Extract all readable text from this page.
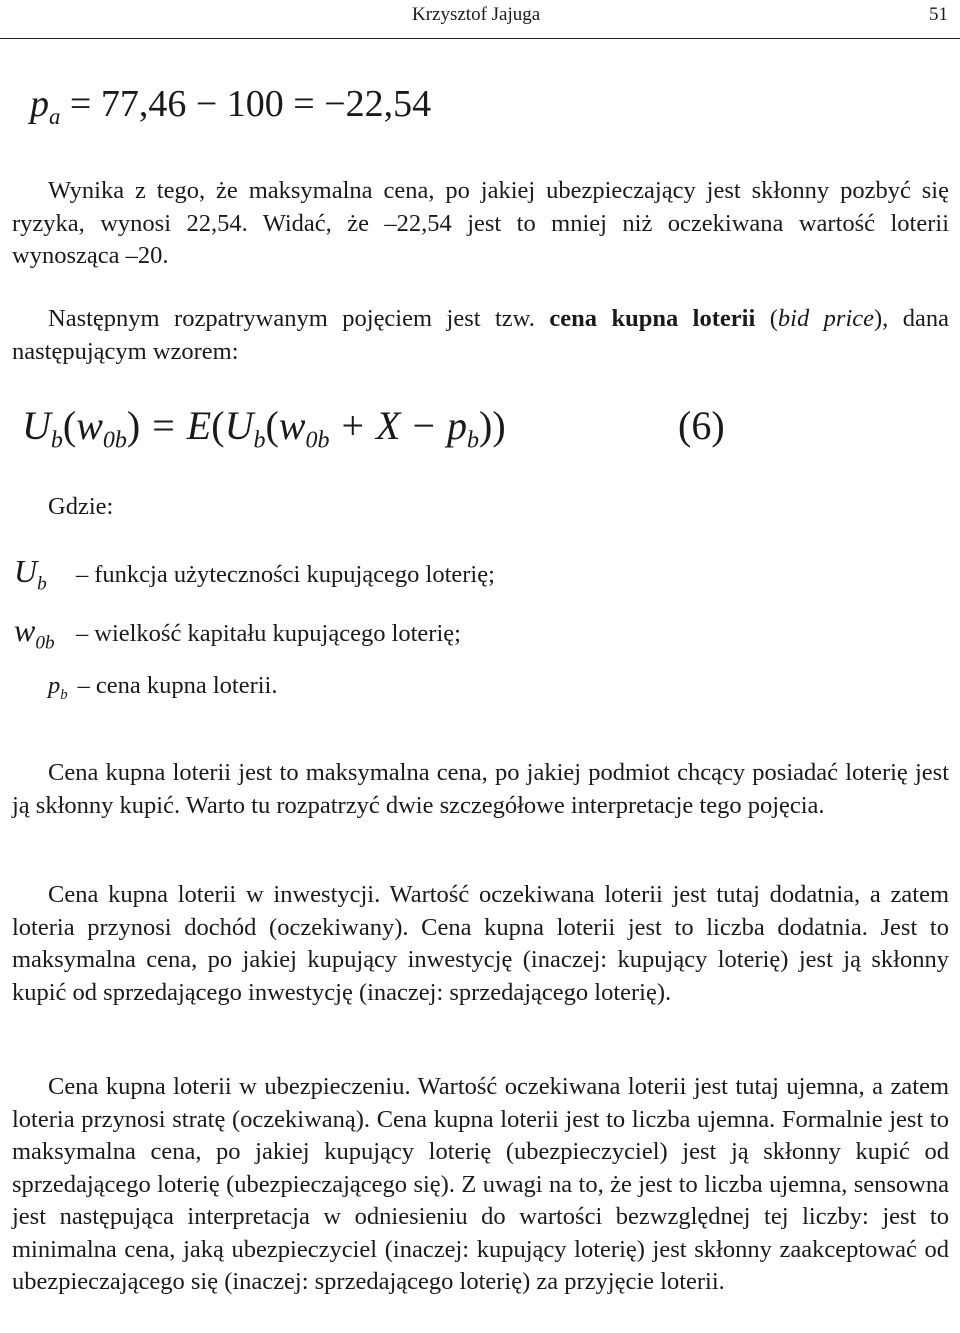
Krzysztof Jajuga	51
$p_a = 77,46 - 100 = -22,54$

Wynika z tego, że maksymalna cena, po jakiej ubezpieczający jest skłonny pozbyć się ryzyka, wynosi 22,54. Widać, że –22,54 jest to mniej niż oczekiwana wartość loterii wynosząca –20.

Następnym rozpatrywanym pojęciem jest tzw. cena kupna loterii (bid price), dana następującym wzorem:

$U_b(w_{0b}) = E(U_b(w_{0b} + X - p_b))$	(6)
Gdzie:
$U_b$ – funkcja użyteczności kupującego loterię;
$w_{0b}$ – wielkość kapitału kupującego loterię;
$p_b$ – cena kupna loterii.

Cena kupna loterii jest to maksymalna cena, po jakiej podmiot chcący posiadać loterię jest ją skłonny kupić. Warto tu rozpatrzyć dwie szczegółowe interpretacje tego pojęcia.

Cena kupna loterii w inwestycji. Wartość oczekiwana loterii jest tutaj dodatnia, a zatem loteria przynosi dochód (oczekiwany). Cena kupna loterii jest to liczba dodatnia. Jest to maksymalna cena, po jakiej kupujący inwestycję (inaczej: kupujący loterię) jest ją skłonny kupić od sprzedającego inwestycję (inaczej: sprzedającego loterię).

Cena kupna loterii w ubezpieczeniu. Wartość oczekiwana loterii jest tutaj ujemna, a zatem loteria przynosi stratę (oczekiwaną). Cena kupna loterii jest to liczba ujemna. Formalnie jest to maksymalna cena, po jakiej kupujący loterię (ubezpieczyciel) jest ją skłonny kupić od sprzedającego loterię (ubezpieczającego się). Z uwagi na to, że jest to liczba ujemna, sensowna jest następująca interpretacja w odniesieniu do wartości bezwzględnej tej liczby: jest to minimalna cena, jaką ubezpieczyciel (inaczej: kupujący loterię) jest skłonny zaakceptować od ubezpieczającego się (inaczej: sprzedającego loterię) za przyjęcie loterii.
